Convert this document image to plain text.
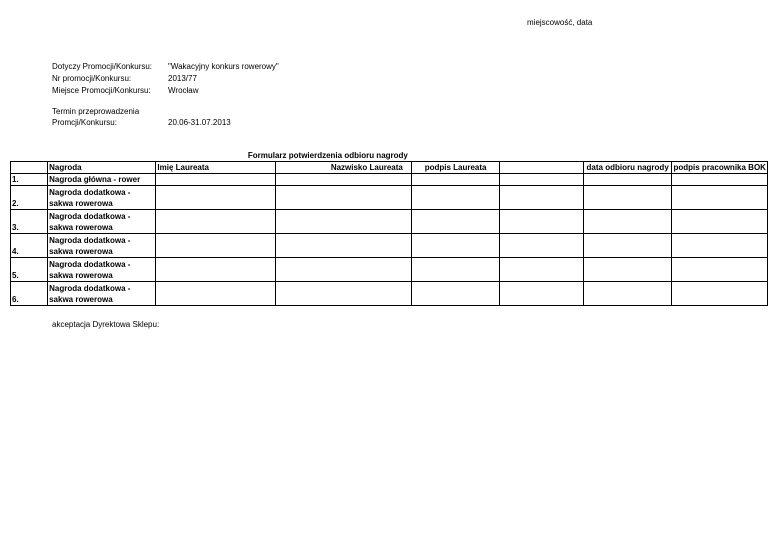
miejscowość, data
Dotyczy Promocji/Konkursu: "Wakacyjny konkurs rowerowy"
Nr promocji/Konkursu:	2013/77
Miejsce Promocji/Konkursu: Wrocław
Termin przeprowadzenia
Promcji/Konkursu:	20.06-31.07.2013
		Formularz potwierdzenia odbioru nagrody					
	Nagroda	Imię Laureata	Nazwisko Laureata	podpis Laureata		data odbioru nagrody	podpis pracownika BOK
1.	Nagroda główna - rower						
2.	Nagroda dodatkowa - sakwa rowerowa						
3.	Nagroda dodatkowa - sakwa rowerowa						
4.	Nagroda dodatkowa - sakwa rowerowa						
5.	Nagroda dodatkowa - sakwa rowerowa						
6.	Nagroda dodatkowa - sakwa rowerowa						
akceptacja Dyrektowa Sklepu:
